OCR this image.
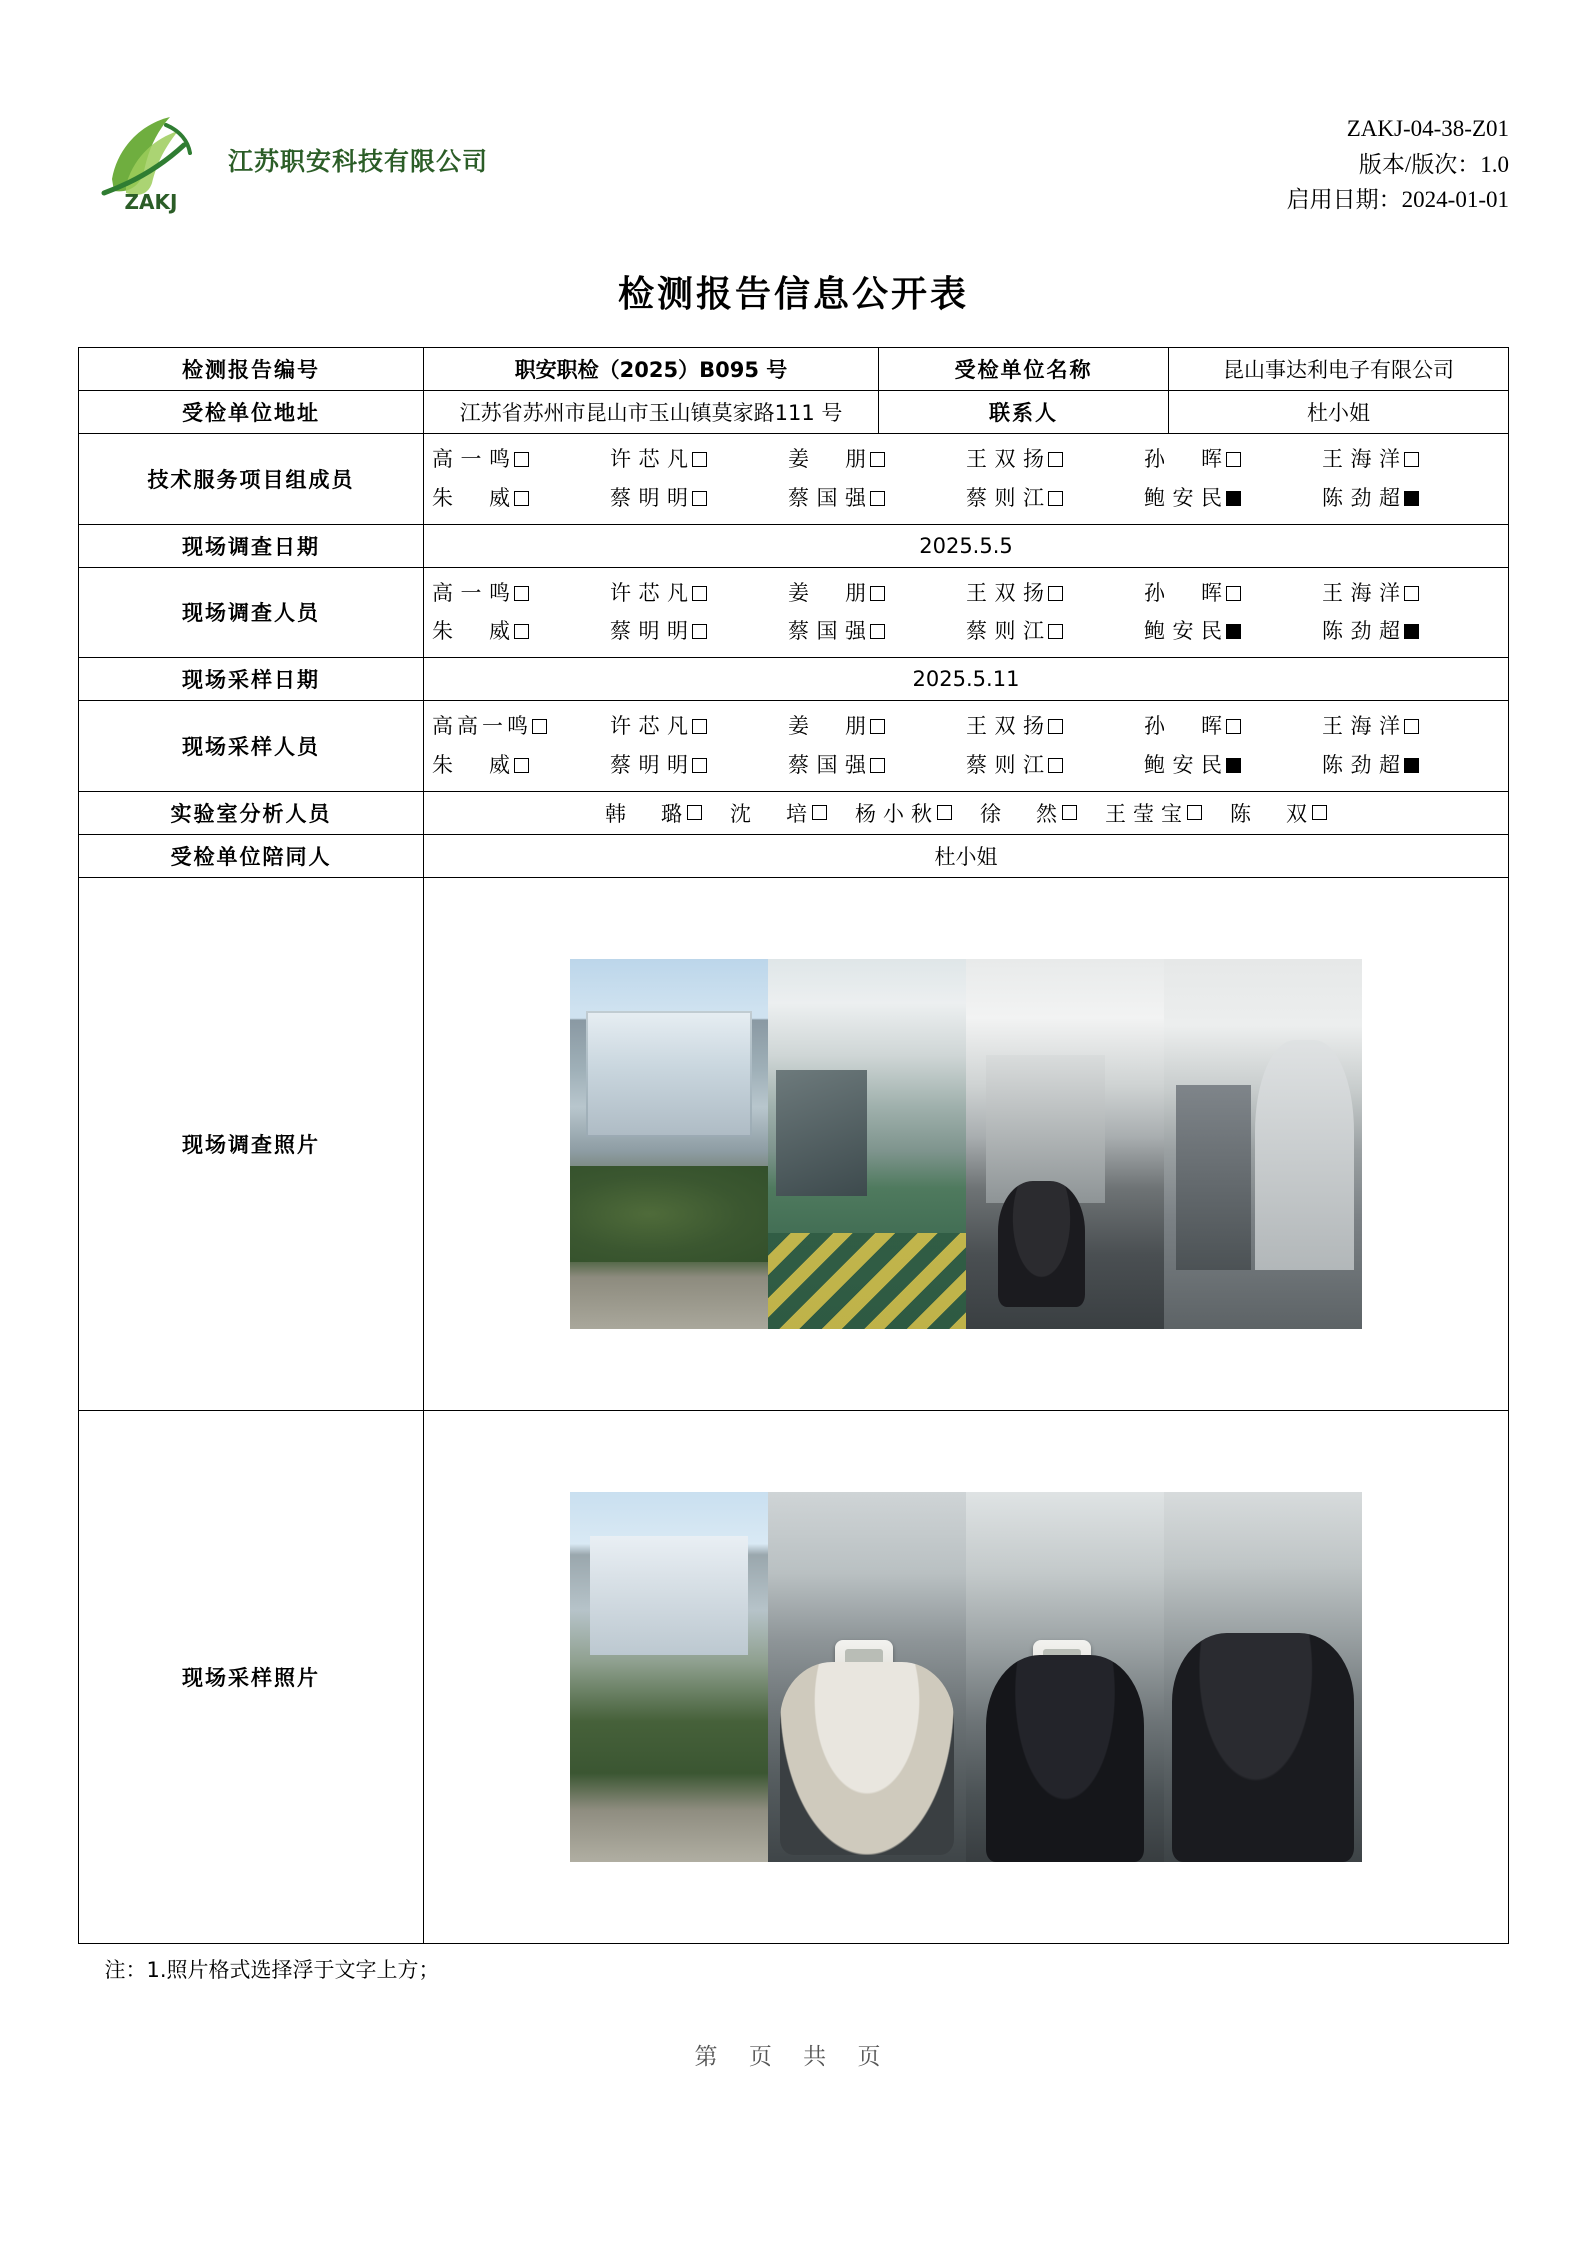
ZAKJ
江苏职安科技有限公司
ZAKJ-04-38-Z01
版本/版次：1.0
启用日期：2024-01-01
检测报告信息公开表
检测报告编号	职安职检（2025）B095 号	受检单位名称	昆山事达利电子有限公司
受检单位地址	江苏省苏州市昆山市玉山镇莫家路111 号	联系人	杜小姐
技术服务项目组成员	
高一鸣	许芯凡	姜朋	王双扬	孙晖	王海洋
朱威	蔡明明	蔡国强	蔡则江	鲍安民	陈劲超

现场调查日期	2025.5.5		
现场调查人员	
高一鸣	许芯凡	姜朋	王双扬	孙晖	王海洋
朱威	蔡明明	蔡国强	蔡则江	鲍安民	陈劲超

现场采样日期	2025.5.11		
现场采样人员	
高高一鸣	许芯凡	姜朋	王双扬	孙晖	王海洋
朱威	蔡明明	蔡国强	蔡则江	鲍安民	陈劲超

实验室分析人员	韩璐 沈培 杨小秋 徐然 王莹宝 陈双

受检单位陪同人	杜小姐		
现场调查照片			

现场采样照片			
注：1.照片格式选择浮于文字上方；
第 页 共 页
